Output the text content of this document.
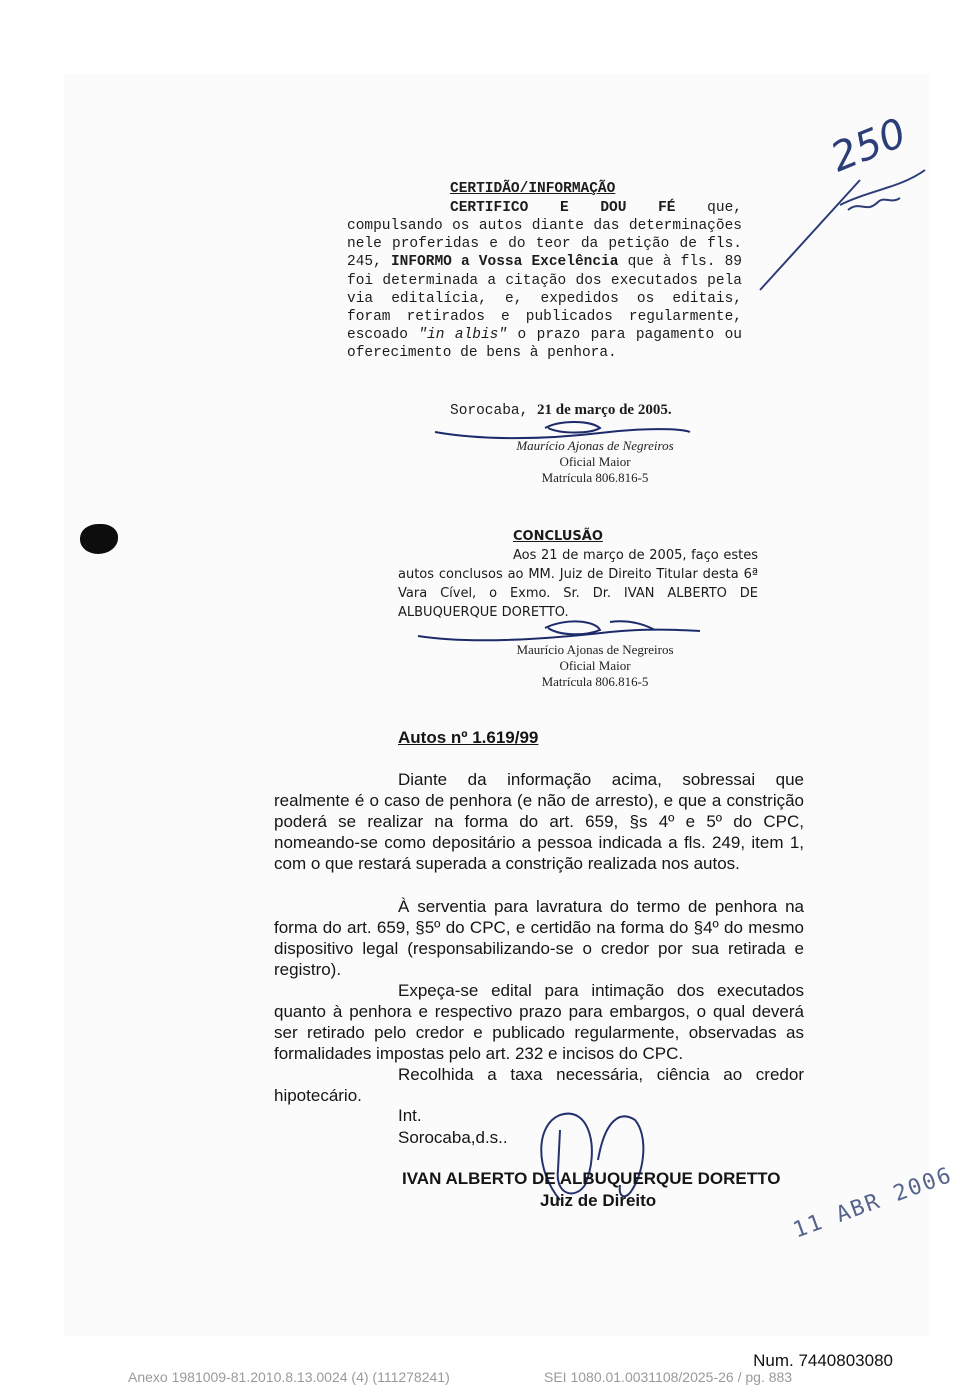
250
CERTIDÃO/INFORMAÇÃO
CERTIFICO E DOU FÉ que,
compulsando os autos diante das determinações nele proferidas e do teor da petição de fls. 245, INFORMO a Vossa Excelência que à fls. 89 foi determinada a citação dos executados pela via editalícia, e, expedidos os editais, foram retirados e publicados regularmente, escoado "in albis" o prazo para pagamento ou oferecimento de bens à penhora.
Sorocaba, 21 de março de 2005.
Maurício Ajonas de Negreiros
Oficial Maior
Matrícula 806.816-5
CONCLUSÃO
Aos 21 de março de 2005, faço estes
autos conclusos ao MM. Juiz de Direito Titular desta 6ª Vara Cível, o Exmo. Sr. Dr. IVAN ALBERTO DE
ALBUQUERQUE DORETTO.
Maurício Ajonas de Negreiros
Oficial Maior
Matrícula 806.816-5
Autos nº 1.619/99

Diante da informação acima, sobressai que realmente é o caso de penhora (e não de arresto), e que a constrição poderá se realizar na forma do art. 659, §s 4º e 5º do CPC, nomeando-se como depositário a pessoa indicada a fls. 249, item 1, com o que restará superada a constrição realizada nos autos.

À serventia para lavratura do termo de penhora na forma do art. 659, §5º do CPC, e certidão na forma do §4º do mesmo dispositivo legal (responsabilizando-se o credor por sua retirada e registro).

Expeça-se edital para intimação dos executados quanto à penhora e respectivo prazo para embargos, o qual deverá ser retirado pelo credor e publicado regularmente, observadas as formalidades impostas pelo art. 232 e incisos do CPC.

Recolhida a taxa necessária, ciência ao credor hipotecário.

Int.
Sorocaba,d.s..
IVAN ALBERTO DE ALBUQUERQUE DORETTO
Juiz de Direito	11 ABR 2006
Num. 7440803080
Anexo 1981009-81.2010.8.13.0024 (4) (111278241)	SEI 1080.01.0031108/2025-26 / pg. 883
